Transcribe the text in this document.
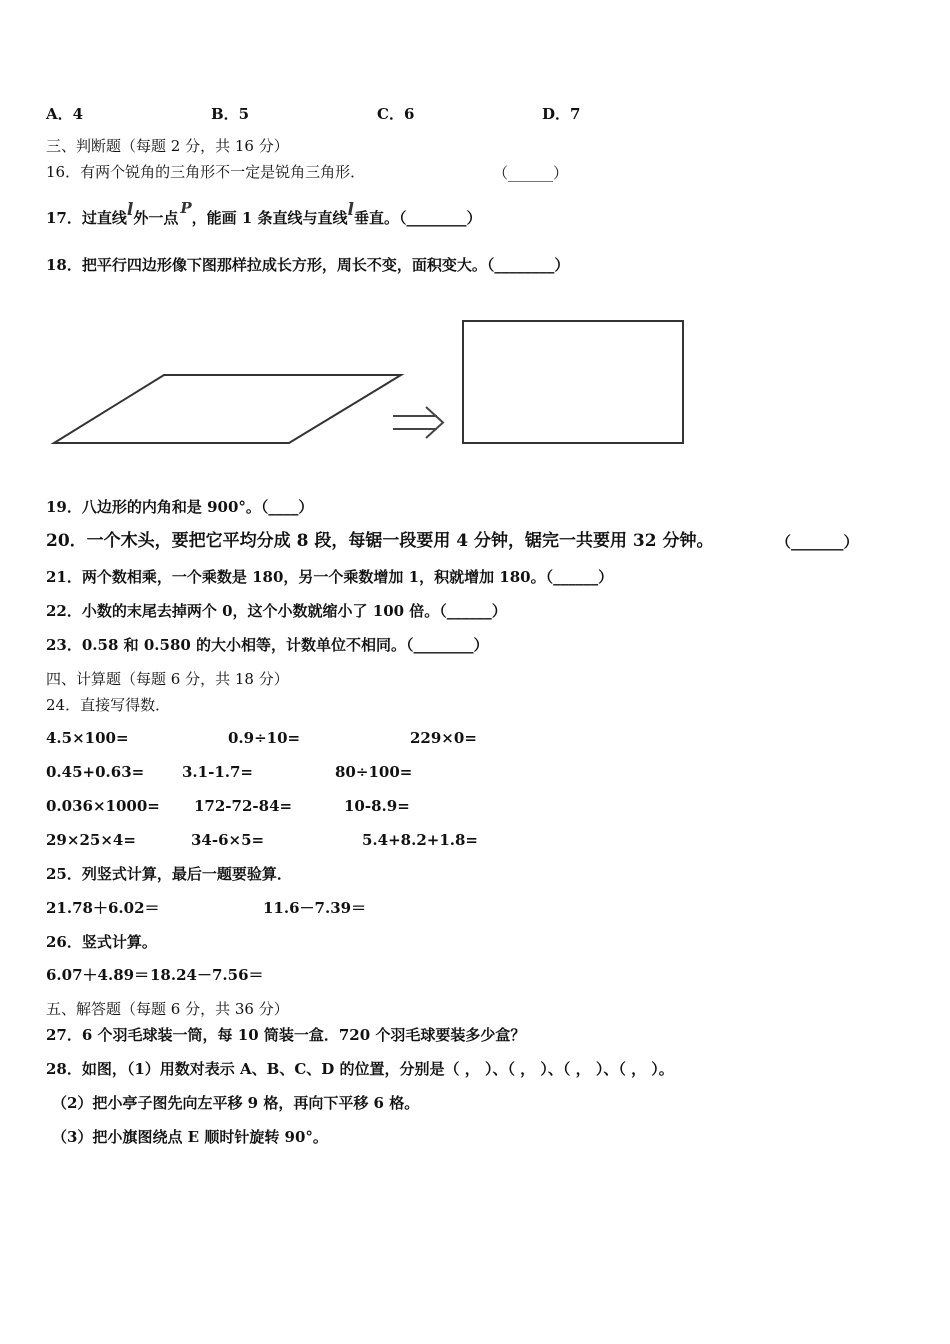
A．4	B．5	C．6	D．7
三、判断题（每题 2 分，共 16 分）
16．有两个锐角的三角形不一定是锐角三角形．	（______）
17．过直线l外一点P，能画 1 条直线与直线l垂直。（________）
18．把平行四边形像下图那样拉成长方形，周长不变，面积变大。（________）
19．八边形的内角和是 900°。（____）
20．一个木头，要把它平均分成 8 段，每锯一段要用 4 分钟，锯完一共要用 32 分钟。	（_______）
21．两个数相乘，一个乘数是 180，另一个乘数增加 1，积就增加 180。（______）
22．小数的末尾去掉两个 0，这个小数就缩小了 100 倍。（______）
23．0.58 和 0.580 的大小相等，计数单位不相同。（________）
四、计算题（每题 6 分，共 18 分）
24．直接写得数．
4.5×100=	0.9÷10=	229×0=
0.45+0.63=	3.1-1.7=	80÷100=
0.036×1000= 172-72-84=	10-8.9=
29×25×4=	34-6×5=	5.4+8.2+1.8=
25．列竖式计算，最后一题要验算．
21.78＋6.02＝	11.6－7.39＝
26．竖式计算。
6.07＋4.89＝ 18.24－7.56＝
五、解答题（每题 6 分，共 36 分）
27．6 个羽毛球装一筒，每 10 筒装一盒．720 个羽毛球要装多少盒？
28．如图，（1）用数对表示 A、B、C、D 的位置，分别是（ ， ）、（ ， ）、（ ， ）、（ ， ）。
（2）把小亭子图先向左平移 9 格，再向下平移 6 格。
（3）把小旗图绕点 E 顺时针旋转 90°。
